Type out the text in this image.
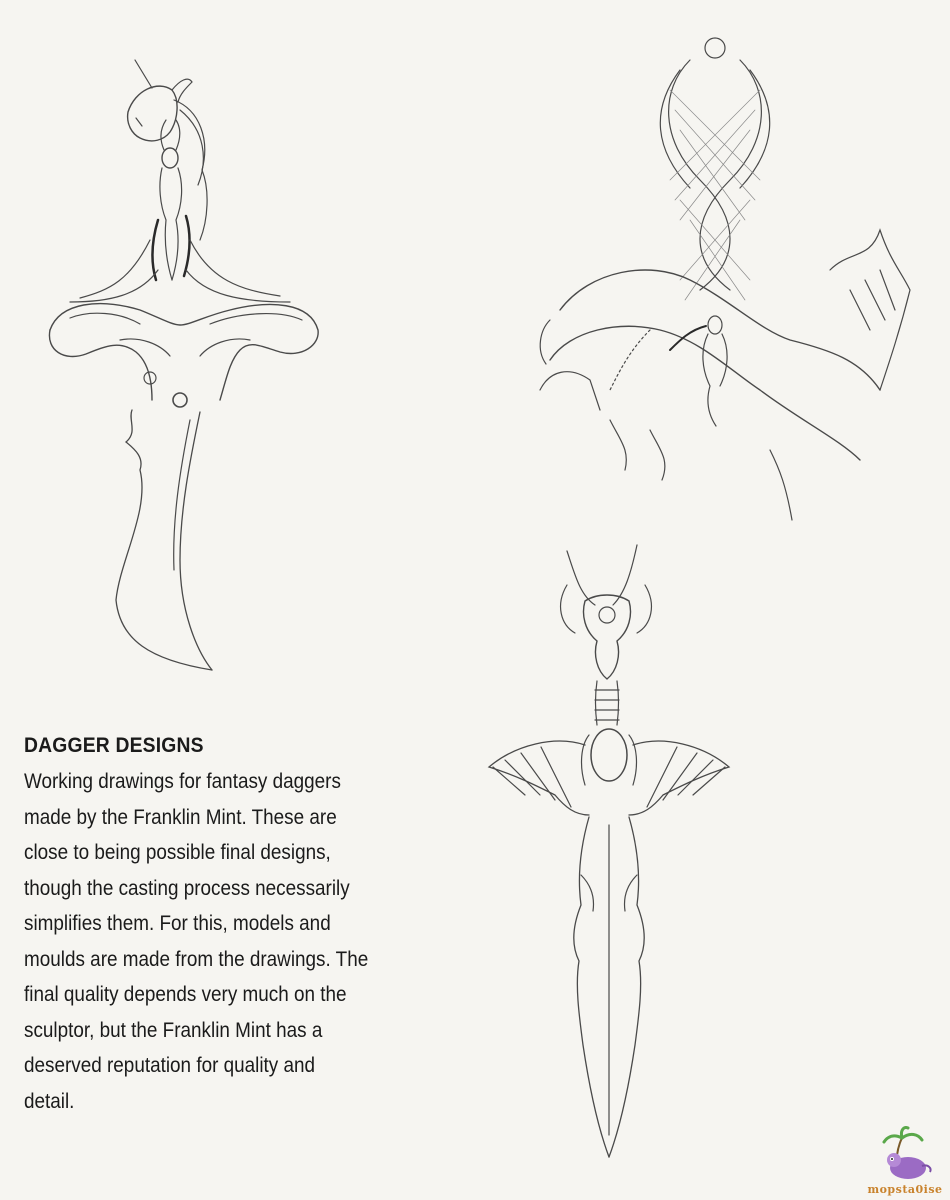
DAGGER DESIGNS

Working drawings for fantasy daggers made by the Franklin Mint. These are close to being possible final designs, though the casting process necessarily simplifies them. For this, models and moulds are made from the drawings. The final quality depends very much on the sculptor, but the Franklin Mint has a deserved reputation for quality and detail.

mopsta0ise
